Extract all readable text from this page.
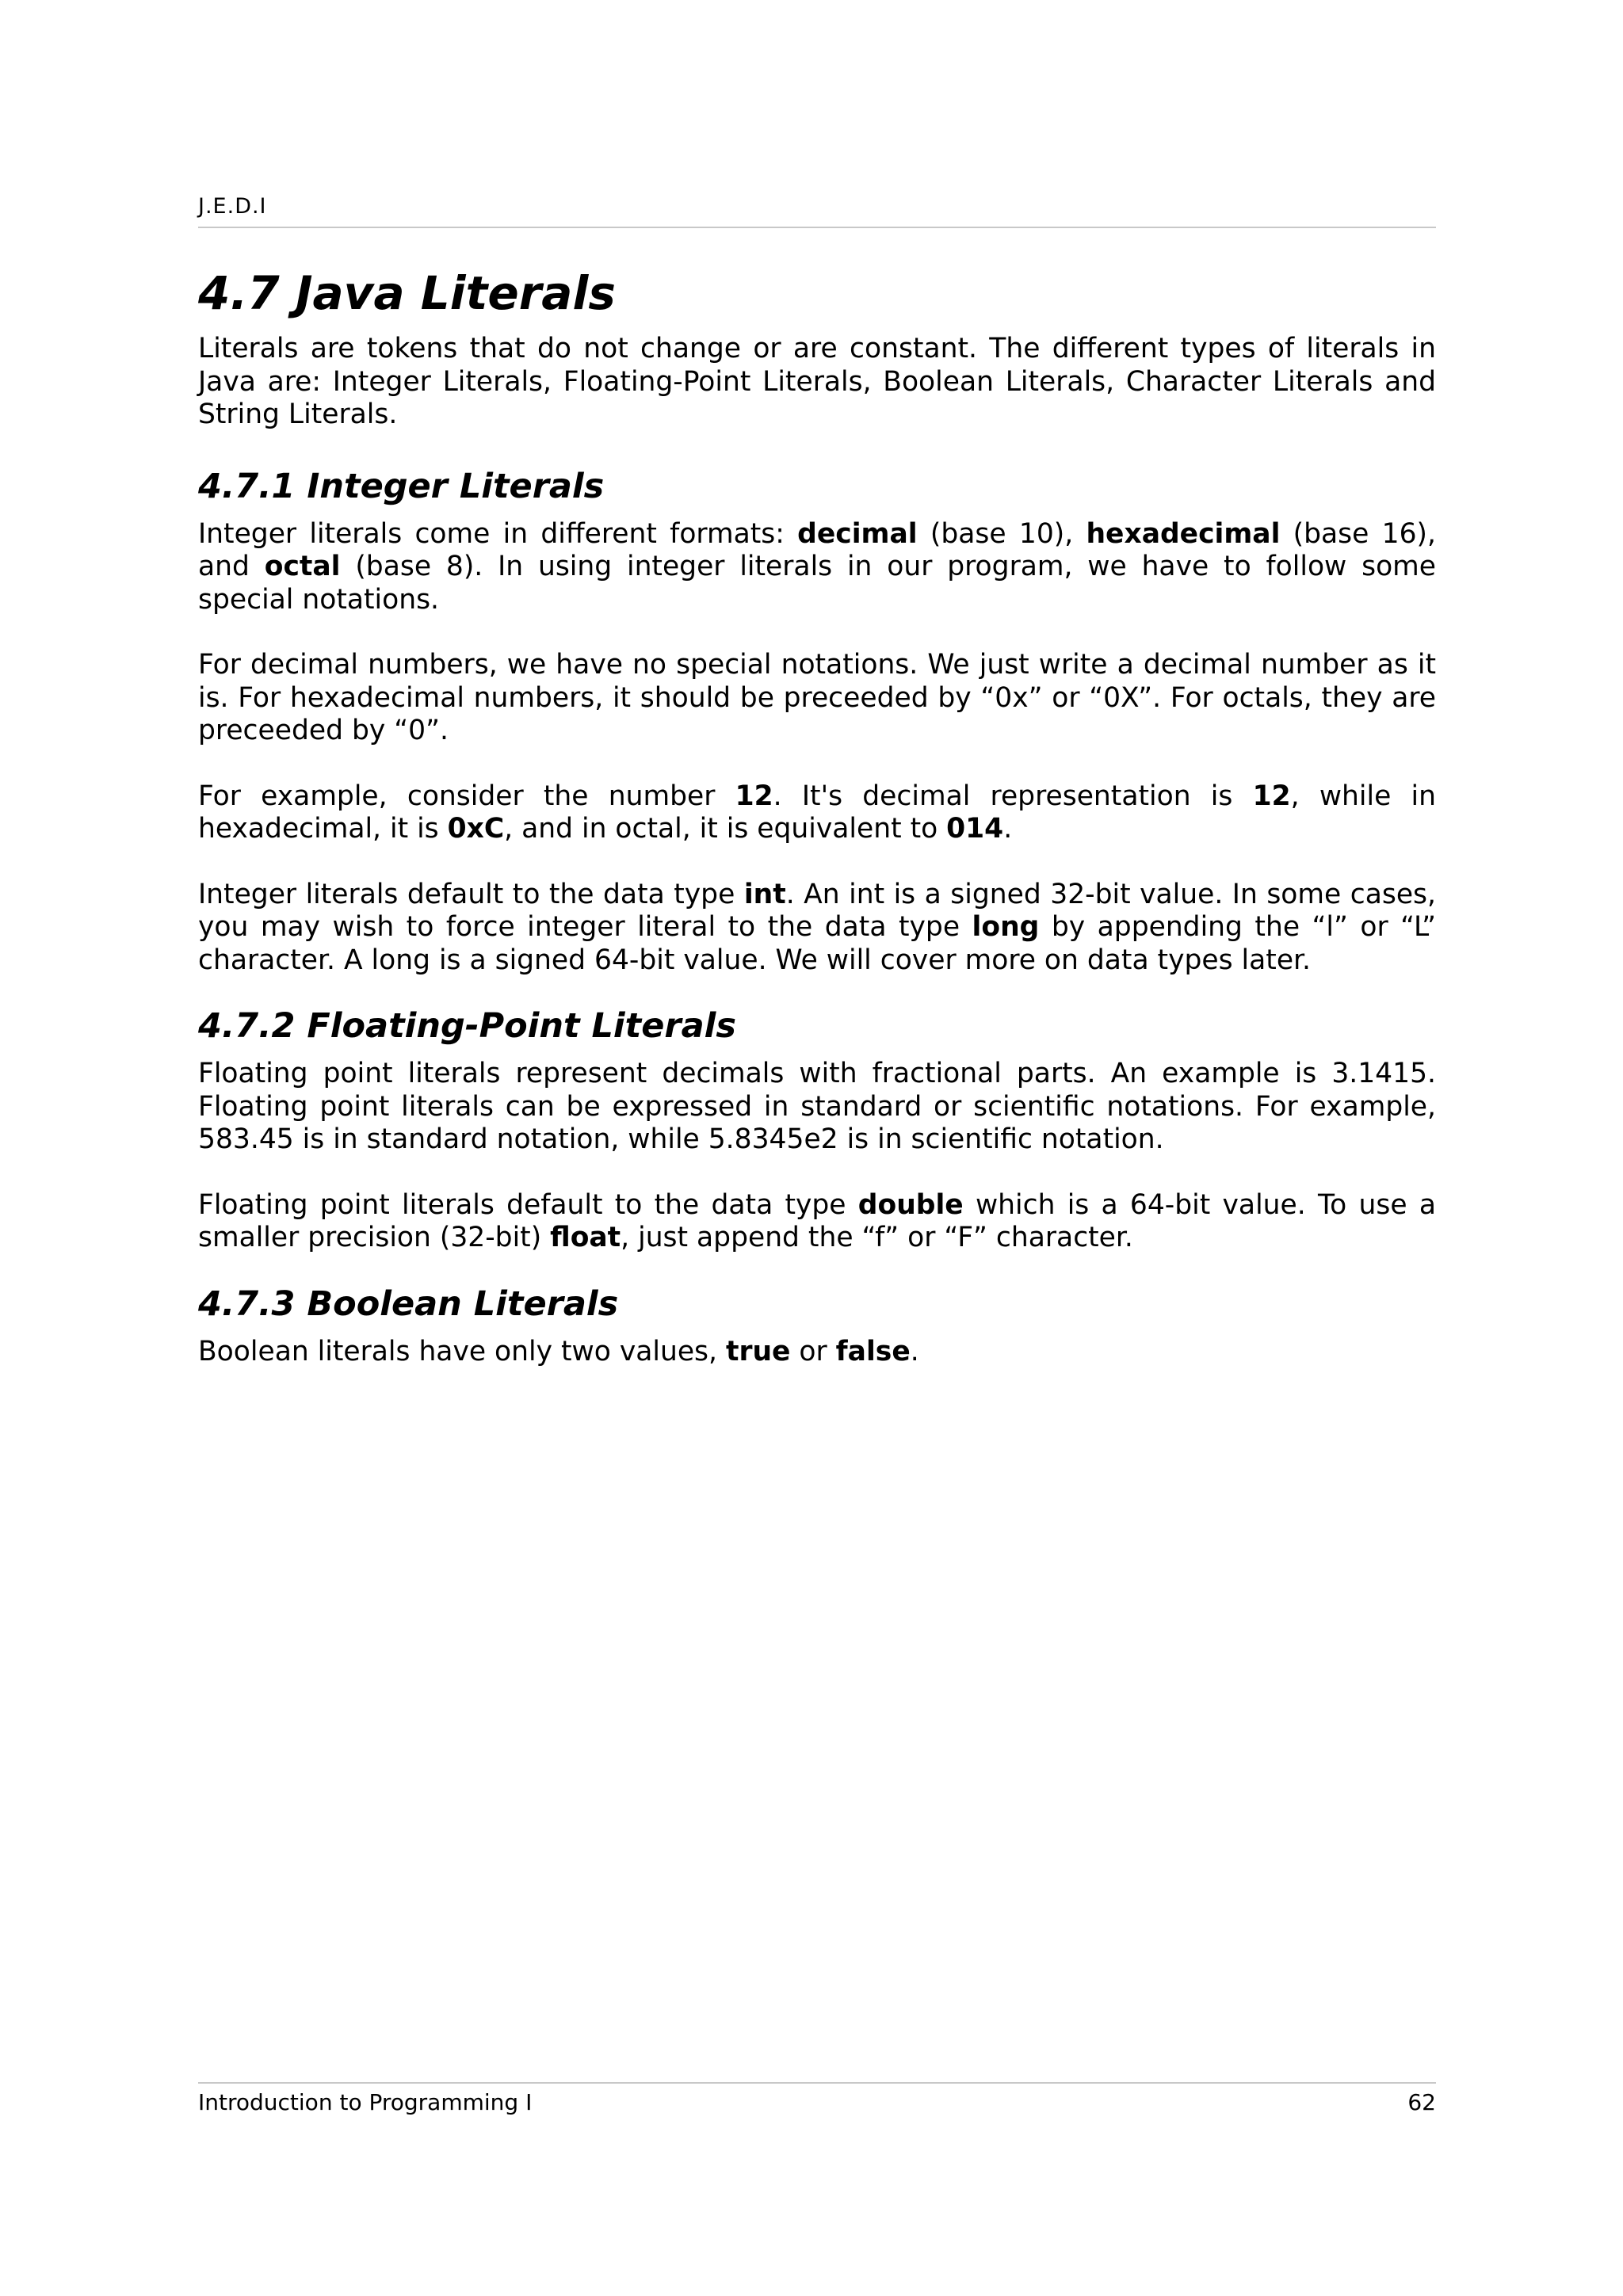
J.E.D.I
4.7 Java Literals

Literals are tokens that do not change or are constant. The different types of literals in Java are: Integer Literals, Floating-Point Literals, Boolean Literals, Character Literals and String Literals.

4.7.1 Integer Literals

Integer literals come in different formats: decimal (base 10), hexadecimal (base 16), and octal (base 8). In using integer literals in our program, we have to follow some special notations.

For decimal numbers, we have no special notations. We just write a decimal number as it is. For hexadecimal numbers, it should be preceeded by “0x” or “0X”. For octals, they are preceeded by “0”.

For example, consider the number 12. It's decimal representation is 12, while in hexadecimal, it is 0xC, and in octal, it is equivalent to 014.

Integer literals default to the data type int. An int is a signed 32-bit value. In some cases, you may wish to force integer literal to the data type long by appending the “l” or “L” character. A long is a signed 64-bit value. We will cover more on data types later.

4.7.2 Floating-Point Literals

Floating point literals represent decimals with fractional parts. An example is 3.1415. Floating point literals can be expressed in standard or scientific notations. For example, 583.45 is in standard notation, while 5.8345e2 is in scientific notation.

Floating point literals default to the data type double which is a 64-bit value. To use a smaller precision (32-bit) float, just append the “f” or “F” character.

4.7.3 Boolean Literals

Boolean literals have only two values, true or false.

Introduction to Programming I	62
